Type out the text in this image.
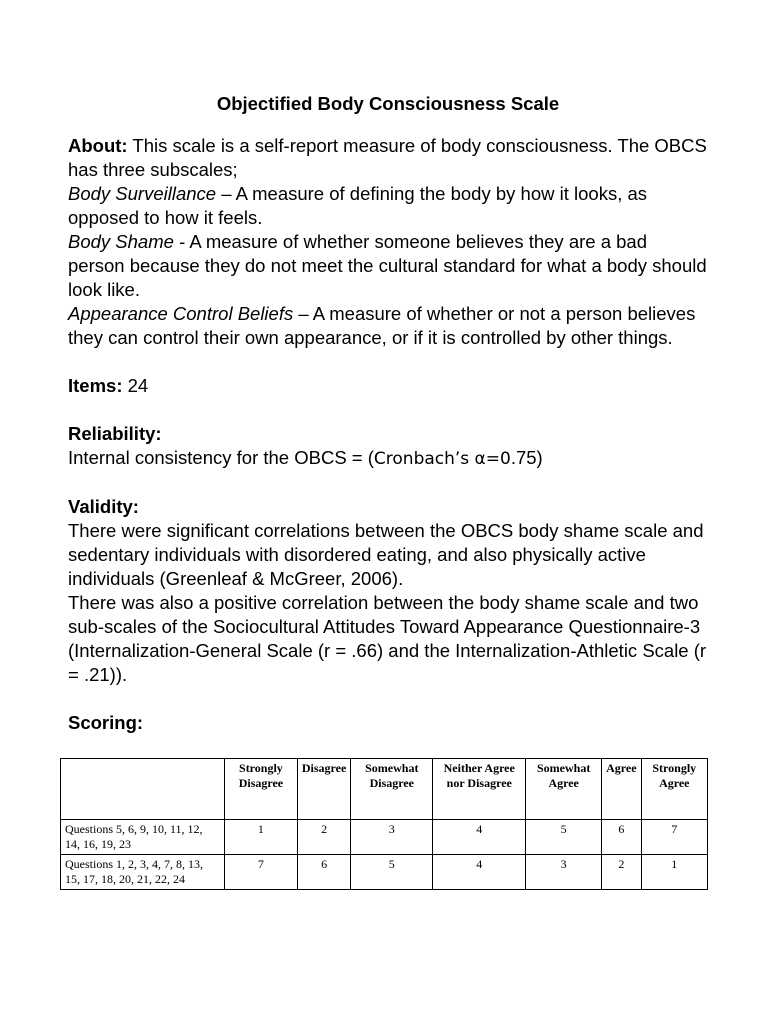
Objectified Body Consciousness Scale

About: This scale is a self-report measure of body consciousness. The OBCS has three subscales;

Body Surveillance – A measure of defining the body by how it looks, as opposed to how it feels.

Body Shame - A measure of whether someone believes they are a bad person because they do not meet the cultural standard for what a body should look like.

Appearance Control Beliefs – A measure of whether or not a person believes they can control their own appearance, or if it is controlled by other things.

Items: 24

Reliability:

Internal consistency for the OBCS = (Cronbach’s α=0.75)

Validity:

There were significant correlations between the OBCS body shame scale and sedentary individuals with disordered eating, and also physically active individuals (Greenleaf & McGreer, 2006).

There was also a positive correlation between the body shame scale and two sub-scales of the Sociocultural Attitudes Toward Appearance Questionnaire-3 (Internalization-General Scale (r = .66) and the Internalization-Athletic Scale (r = .21)).

Scoring:

	Strongly Disagree	Disagree	Somewhat Disagree	Neither Agree nor Disagree	Somewhat Agree	Agree	Strongly Agree
Questions 5, 6, 9, 10, 11, 12, 14, 16, 19, 23	1	2	3	4	5	6	7
Questions 1, 2, 3, 4, 7, 8, 13, 15, 17, 18, 20, 21, 22, 24	7	6	5	4	3	2	1
